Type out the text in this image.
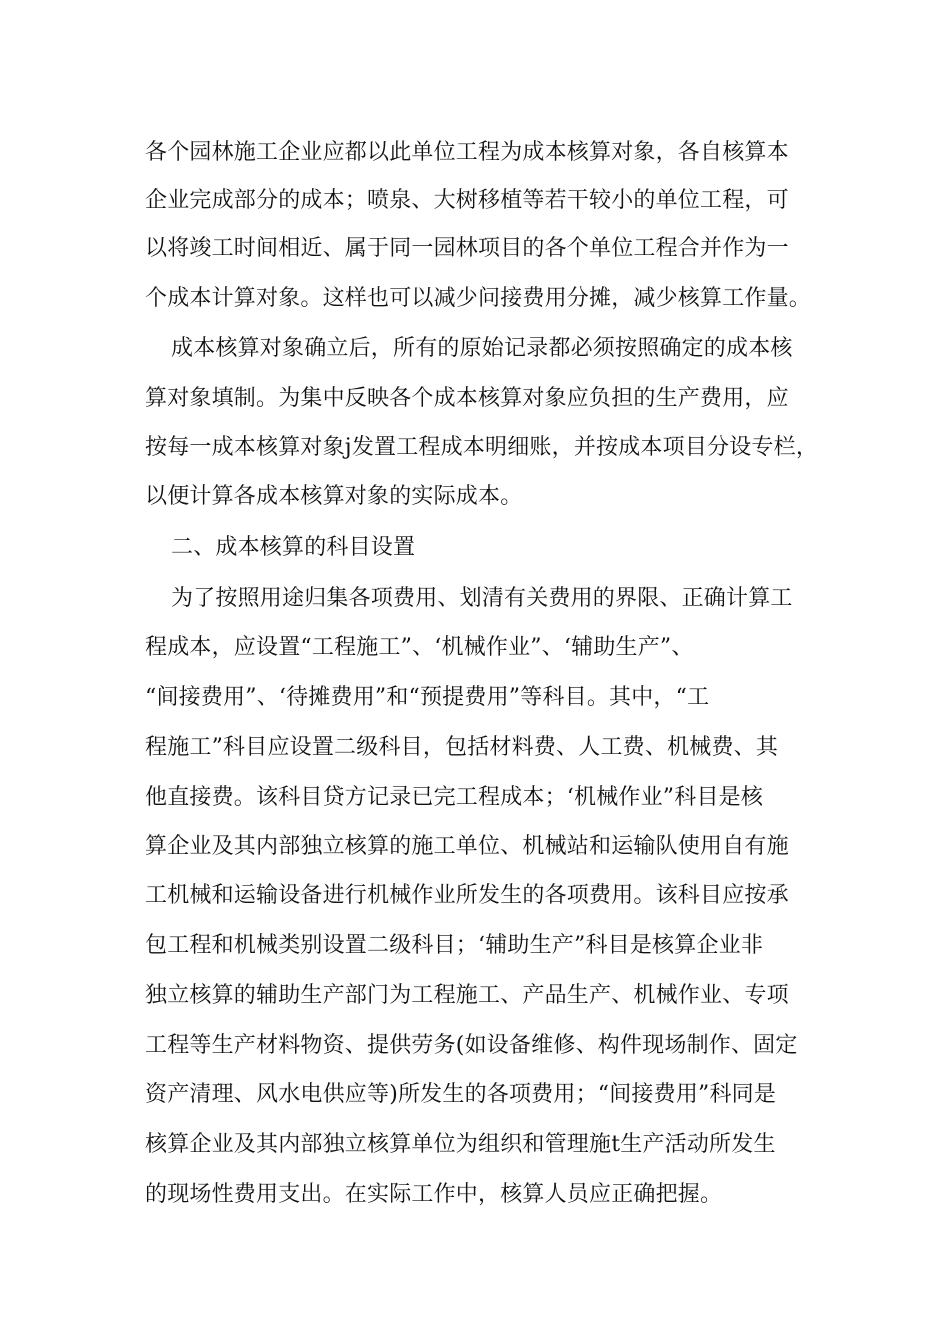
各个园林施工企业应都以此单位工程为成本核算对象，各自核算本
企业完成部分的成本；喷泉、大树移植等若干较小的单位工程，可
以将竣工时间相近、属于同一园林项目的各个单位工程合并作为一
个成本计算对象。这样也可以减少问接费用分摊，减少核算工作量。
成本核算对象确立后，所有的原始记录都必须按照确定的成本核
算对象填制。为集中反映各个成本核算对象应负担的生产费用，应
按每一成本核算对象j发置工程成本明细账，并按成本项目分设专栏，
以便计算各成本核算对象的实际成本。
二、成本核算的科目设置
为了按照用途归集各项费用、划清有关费用的界限、正确计算工
程成本，应设置“工程施工”、‘机械作业”、‘辅助生产”、
“间接费用”、‘待摊费用”和“预提费用”等科目。其中，“工
程施工”科目应设置二级科目，包括材料费、人工费、机械费、其
他直接费。该科目贷方记录已完工程成本；‘机械作业”科目是核
算企业及其内部独立核算的施工单位、机械站和运输队使用自有施
工机械和运输设备进行机械作业所发生的各项费用。该科目应按承
包工程和机械类别设置二级科目；‘辅助生产”科目是核算企业非
独立核算的辅助生产部门为工程施工、产品生产、机械作业、专项
工程等生产材料物资、提供劳务(如设备维修、构件现场制作、固定
资产清理、风水电供应等)所发生的各项费用；“间接费用”科同是
核算企业及其内部独立核算单位为组织和管理施t生产活动所发生
的现场性费用支出。在实际工作中，核算人员应正确把握。
